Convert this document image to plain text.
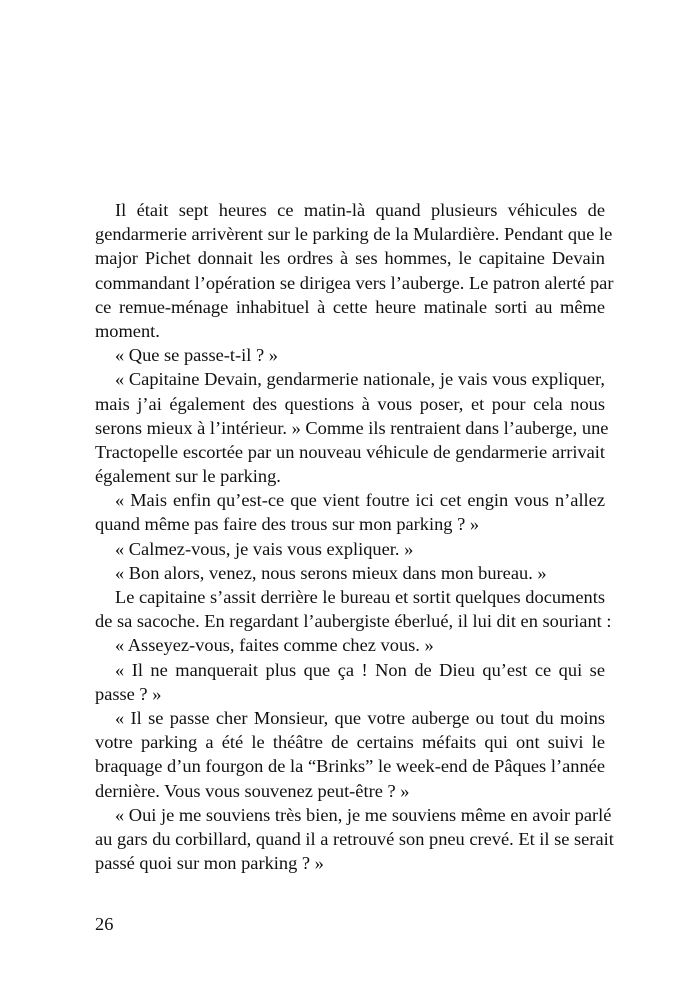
Il était sept heures ce matin-là quand plusieurs véhicules de
gendarmerie arrivèrent sur le parking de la Mulardière. Pendant que le
major Pichet donnait les ordres à ses hommes, le capitaine Devain
commandant l’opération se dirigea vers l’auberge. Le patron alerté par
ce remue-ménage inhabituel à cette heure matinale sorti au même
moment.
« Que se passe-t-il ? »
« Capitaine Devain, gendarmerie nationale, je vais vous expliquer,
mais j’ai également des questions à vous poser, et pour cela nous
serons mieux à l’intérieur. » Comme ils rentraient dans l’auberge, une
Tractopelle escortée par un nouveau véhicule de gendarmerie arrivait
également sur le parking.
« Mais enfin qu’est-ce que vient foutre ici cet engin vous n’allez
quand même pas faire des trous sur mon parking ? »
« Calmez-vous, je vais vous expliquer. »
« Bon alors, venez, nous serons mieux dans mon bureau. »
Le capitaine s’assit derrière le bureau et sortit quelques documents
de sa sacoche. En regardant l’aubergiste éberlué, il lui dit en souriant :
« Asseyez-vous, faites comme chez vous. »
« Il ne manquerait plus que ça ! Non de Dieu qu’est ce qui se
passe ? »
« Il se passe cher Monsieur, que votre auberge ou tout du moins
votre parking a été le théâtre de certains méfaits qui ont suivi le
braquage d’un fourgon de la “Brinks” le week-end de Pâques l’année
dernière. Vous vous souvenez peut-être ? »
« Oui je me souviens très bien, je me souviens même en avoir parlé
au gars du corbillard, quand il a retrouvé son pneu crevé. Et il se serait
passé quoi sur mon parking ? »
26
